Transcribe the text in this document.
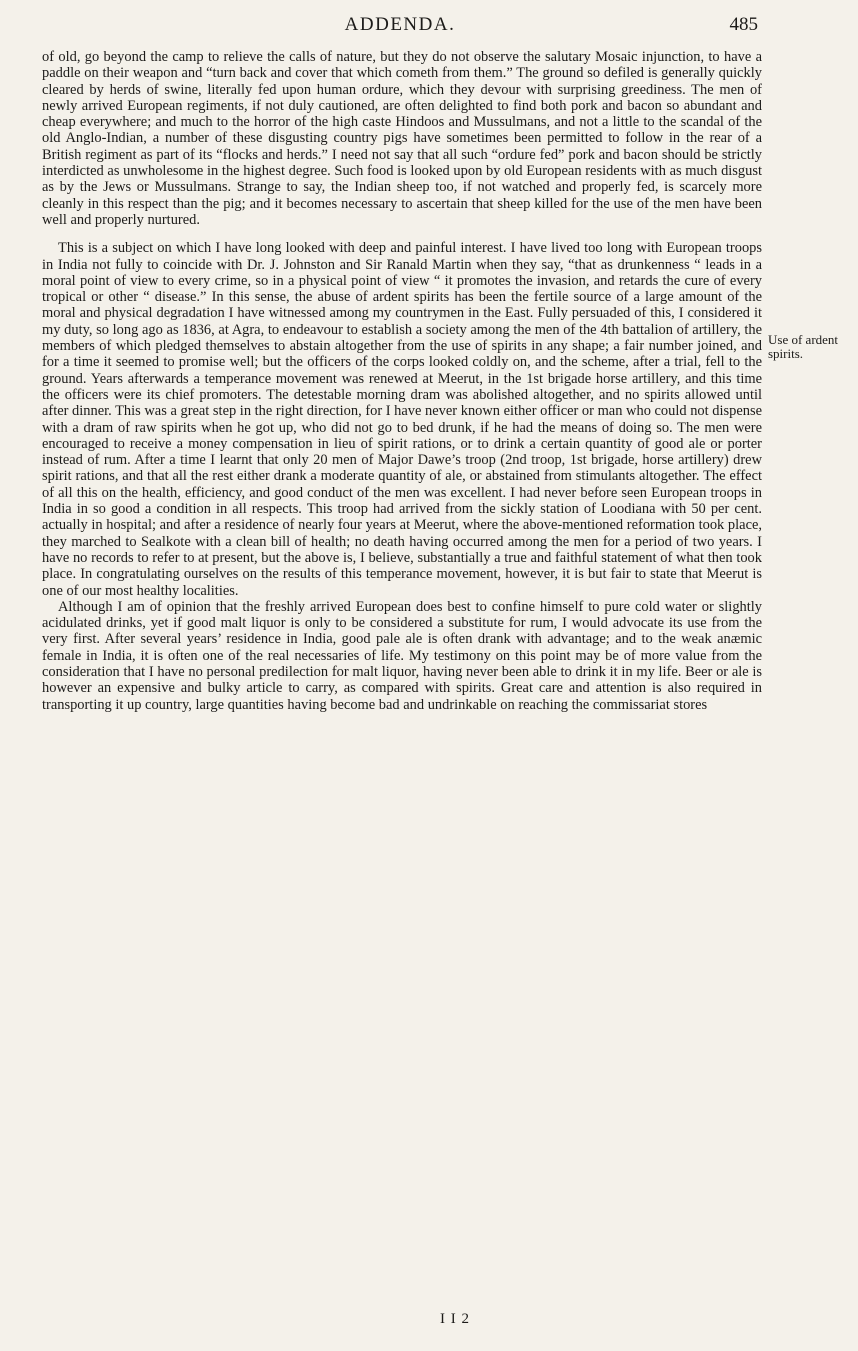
ADDENDA.	485

of old, go beyond the camp to relieve the calls of nature, but they do not observe the salutary Mosaic injunction, to have a paddle on their weapon and “turn back and cover that which cometh from them.” The ground so defiled is generally quickly cleared by herds of swine, literally fed upon human ordure, which they devour with surprising greediness. The men of newly arrived European regiments, if not duly cautioned, are often delighted to find both pork and bacon so abundant and cheap everywhere; and much to the horror of the high caste Hindoos and Mussulmans, and not a little to the scandal of the old Anglo-Indian, a number of these disgusting country pigs have sometimes been permitted to follow in the rear of a British regiment as part of its “flocks and herds.” I need not say that all such “ordure fed” pork and bacon should be strictly interdicted as unwholesome in the highest degree. Such food is looked upon by old European residents with as much disgust as by the Jews or Mussulmans. Strange to say, the Indian sheep too, if not watched and properly fed, is scarcely more cleanly in this respect than the pig; and it becomes necessary to ascertain that sheep killed for the use of the men have been well and properly nurtured.

This is a subject on which I have long looked with deep and painful interest. I have lived too long with European troops in India not fully to coincide with Dr. J. Johnston and Sir Ranald Martin when they say, “that as drunkenness “ leads in a moral point of view to every crime, so in a physical point of view “ it promotes the invasion, and retards the cure of every tropical or other “ disease.” In this sense, the abuse of ardent spirits has been the fertile source of a large amount of the moral and physical degradation I have witnessed among my countrymen in the East. Fully persuaded of this, I considered it my duty, so long ago as 1836, at Agra, to endeavour to establish a society among the men of the 4th battalion of artillery, the members of which pledged themselves to abstain altogether from the use of spirits in any shape; a fair number joined, and for a time it seemed to promise well; but the officers of the corps looked coldly on, and the scheme, after a trial, fell to the ground. Years afterwards a temperance movement was renewed at Meerut, in the 1st brigade horse artillery, and this time the officers were its chief promoters. The detestable morning dram was abolished altogether, and no spirits allowed until after dinner. This was a great step in the right direction, for I have never known either officer or man who could not dispense with a dram of raw spirits when he got up, who did not go to bed drunk, if he had the means of doing so. The men were encouraged to receive a money compensation in lieu of spirit rations, or to drink a certain quantity of good ale or porter instead of rum. After a time I learnt that only 20 men of Major Dawe’s troop (2nd troop, 1st brigade, horse artillery) drew spirit rations, and that all the rest either drank a moderate quantity of ale, or abstained from stimulants altogether. The effect of all this on the health, efficiency, and good conduct of the men was excellent. I had never before seen European troops in India in so good a condition in all respects. This troop had arrived from the sickly station of Loodiana with 50 per cent. actually in hospital; and after a residence of nearly four years at Meerut, where the above-mentioned reformation took place, they marched to Sealkote with a clean bill of health; no death having occurred among the men for a period of two years. I have no records to refer to at present, but the above is, I believe, substantially a true and faithful statement of what then took place. In congratulating ourselves on the results of this temperance movement, however, it is but fair to state that Meerut is one of our most healthy localities.

Although I am of opinion that the freshly arrived European does best to confine himself to pure cold water or slightly acidulated drinks, yet if good malt liquor is only to be considered a substitute for rum, I would advocate its use from the very first. After several years’ residence in India, good pale ale is often drank with advantage; and to the weak anæmic female in India, it is often one of the real necessaries of life. My testimony on this point may be of more value from the consideration that I have no personal predilection for malt liquor, having never been able to drink it in my life. Beer or ale is however an expensive and bulky article to carry, as compared with spirits. Great care and attention is also required in transporting it up country, large quantities having become bad and undrinkable on reaching the commissariat stores

Use of ardent spirits.
I I 2
